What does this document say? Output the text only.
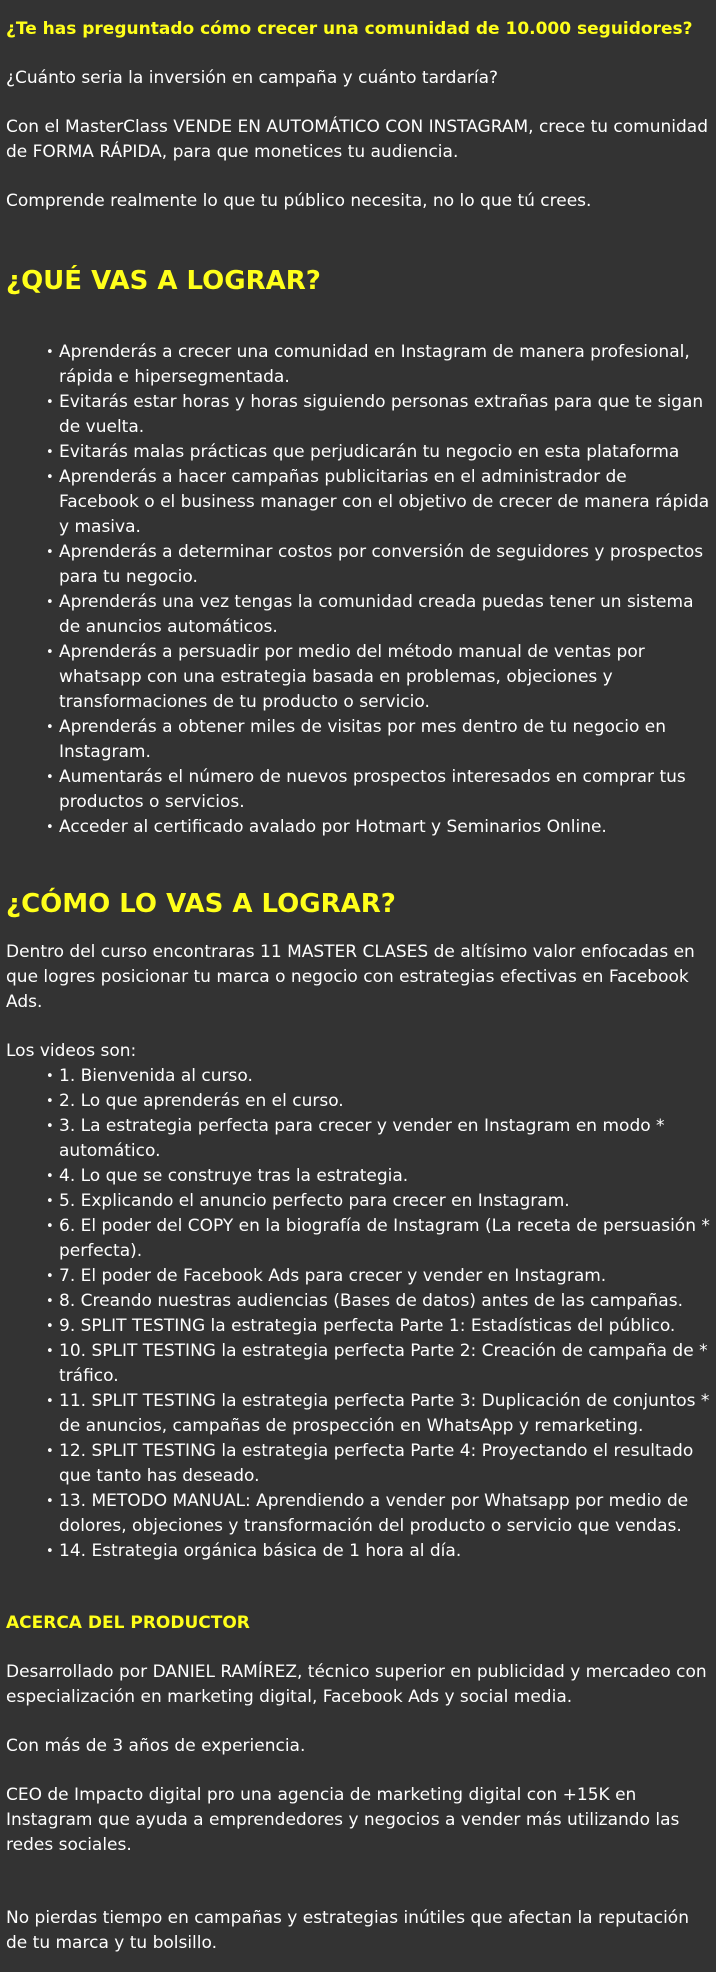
¿Te has preguntado cómo crecer una comunidad de 10.000 seguidores?

¿Cuánto seria la inversión en campaña y cuánto tardaría?

Con el MasterClass VENDE EN AUTOMÁTICO CON INSTAGRAM, crece tu comunidad de FORMA RÁPIDA, para que monetices tu audiencia.

Comprende realmente lo que tu público necesita, no lo que tú crees.

¿QUÉ VAS A LOGRAR?
• Aprenderás a crecer una comunidad en Instagram de manera profesional, rápida e hipersegmentada.
• Evitarás estar horas y horas siguiendo personas extrañas para que te sigan de vuelta.
• Evitarás malas prácticas que perjudicarán tu negocio en esta plataforma
• Aprenderás a hacer campañas publicitarias en el administrador de Facebook o el business manager con el objetivo de crecer de manera rápida y masiva.
• Aprenderás a determinar costos por conversión de seguidores y prospectos para tu negocio.
• Aprenderás una vez tengas la comunidad creada puedas tener un sistema de anuncios automáticos.
• Aprenderás a persuadir por medio del método manual de ventas por whatsapp con una estrategia basada en problemas, objeciones y transformaciones de tu producto o servicio.
• Aprenderás a obtener miles de visitas por mes dentro de tu negocio en Instagram.
• Aumentarás el número de nuevos prospectos interesados en comprar tus productos o servicios.
• Acceder al certificado avalado por Hotmart y Seminarios Online.
¿CÓMO LO VAS A LOGRAR?

Dentro del curso encontraras 11 MASTER CLASES de altísimo valor enfocadas en que logres posicionar tu marca o negocio con estrategias efectivas en Facebook Ads.

Los videos son:

• 1. Bienvenida al curso.
• 2. Lo que aprenderás en el curso.
• 3. La estrategia perfecta para crecer y vender en Instagram en modo * automático.
• 4. Lo que se construye tras la estrategia.
• 5. Explicando el anuncio perfecto para crecer en Instagram.
• 6. El poder del COPY en la biografía de Instagram (La receta de persuasión * perfecta).
• 7. El poder de Facebook Ads para crecer y vender en Instagram.
• 8. Creando nuestras audiencias (Bases de datos) antes de las campañas.
• 9. SPLIT TESTING la estrategia perfecta Parte 1: Estadísticas del público.
• 10. SPLIT TESTING la estrategia perfecta Parte 2: Creación de campaña de * tráfico.
• 11. SPLIT TESTING la estrategia perfecta Parte 3: Duplicación de conjuntos * de anuncios, campañas de prospección en WhatsApp y remarketing.
• 12. SPLIT TESTING la estrategia perfecta Parte 4: Proyectando el resultado que tanto has deseado.
• 13. METODO MANUAL: Aprendiendo a vender por Whatsapp por medio de dolores, objeciones y transformación del producto o servicio que vendas.
• 14. Estrategia orgánica básica de 1 hora al día.

ACERCA DEL PRODUCTOR

Desarrollado por DANIEL RAMÍREZ, técnico superior en publicidad y mercadeo con especialización en marketing digital, Facebook Ads y social media.

Con más de 3 años de experiencia.

CEO de Impacto digital pro una agencia de marketing digital con +15K en Instagram que ayuda a emprendedores y negocios a vender más utilizando las redes sociales.

No pierdas tiempo en campañas y estrategias inútiles que afectan la reputación de tu marca y tu bolsillo.
